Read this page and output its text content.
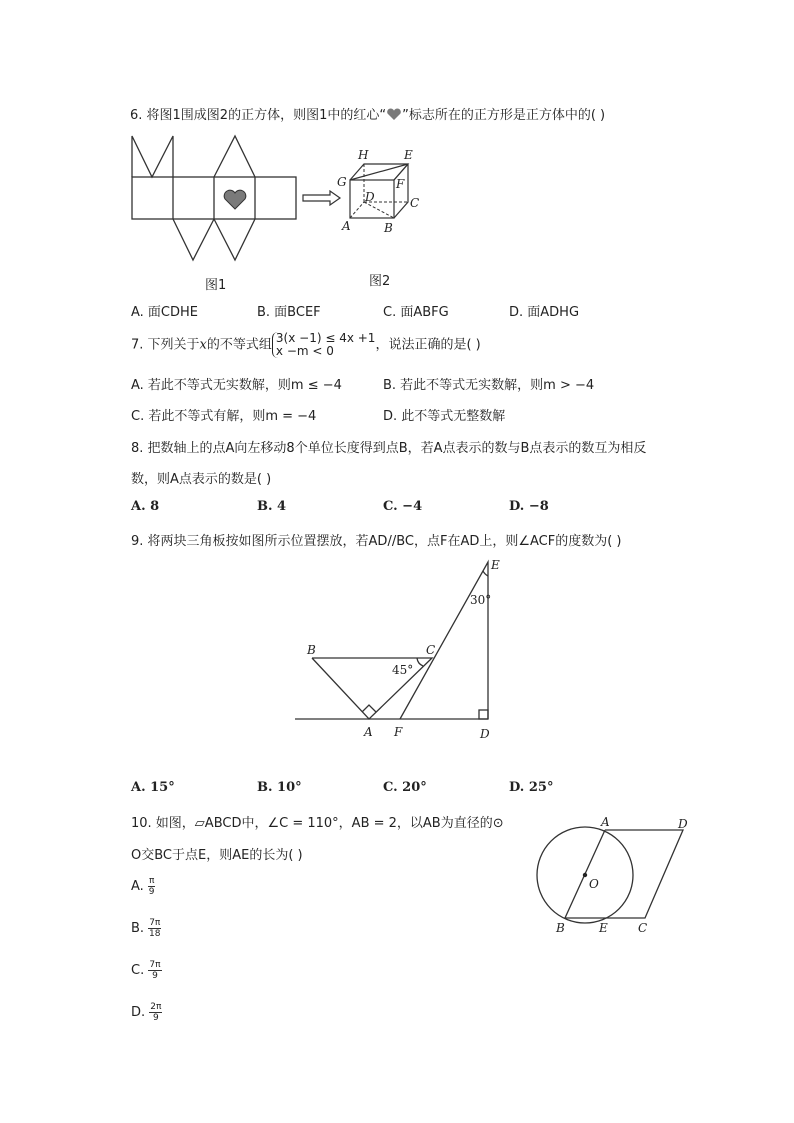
6. 将图1围成图2的正方体，则图1中的红心“ ”标志所在的正方形是正方体中的( )
图1
H	E
G	F
D	C
A	B
图2
A. 面CDHE	B. 面BCEF	C. 面ABFG	D. 面ADHG
7. 下列关于x的不等式组 3(x −1) ≤ 4x +1
x −m < 0	，说法正确的是( )
A. 若此不等式无实数解，则m ≤ −4	B. 若此不等式无实数解，则m > −4
C. 若此不等式有解，则m = −4	D. 此不等式无整数解
8. 把数轴上的点A向左移动8个单位长度得到点B，若A点表示的数与B点表示的数互为相反
数，则A点表示的数是( )
A. 8	B. 4	C. −4	D. −8
9. 将两块三角板按如图所示位置摆放，若AD//BC，点F在AD上，则∠ACF的度数为( )
B	C
E
A F	D
30°
45°
A. 15°	B. 10°	C. 20°	D. 25°
10. 如图，▱ABCD中，∠C = 110°，AB = 2，以AB为直径的⊙
O交BC于点E，则AE的长为( )
A	D
O
B	E	C
A. $\frac{\pi}{9}$
B. $\frac{7\pi}{18}$
C. $\frac{7\pi}{9}$
D. $\frac{2\pi}{9}$
